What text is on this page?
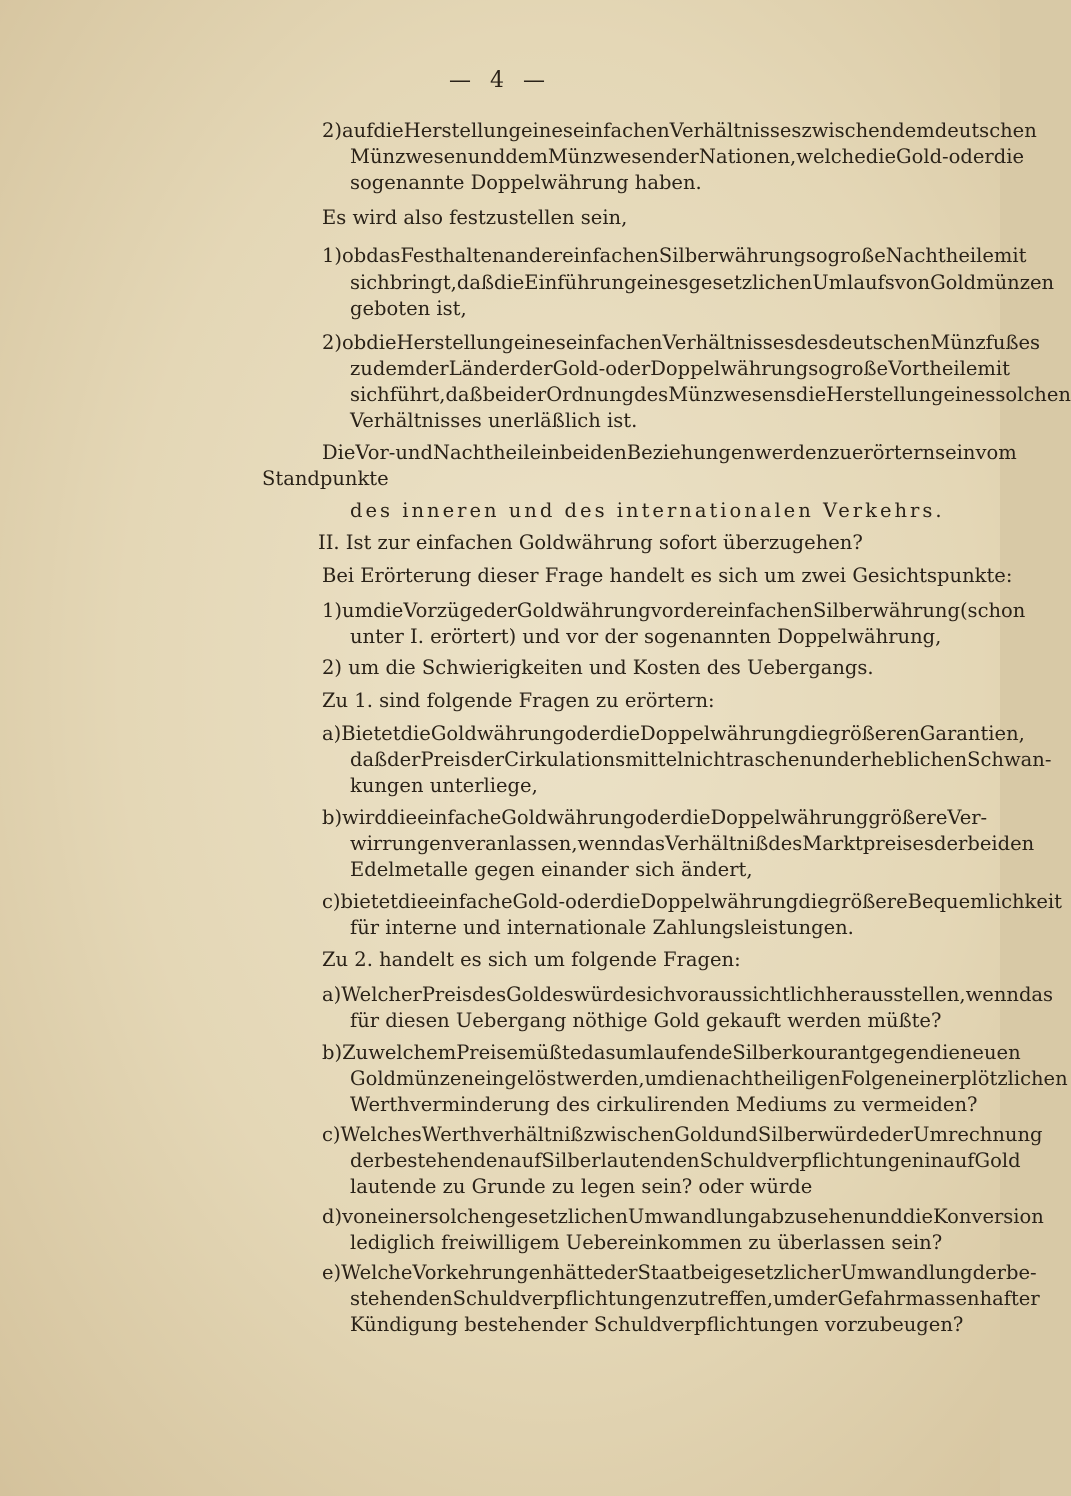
— 4 —
2) auf die Herstellung eines einfachen Verhältnisses zwischen dem deutschen
Münzwesen und dem Münzwesen der Nationen, welche die Gold- oder die
sogenannte Doppelwährung haben.
Es wird also festzustellen sein,
1) ob das Festhalten an der einfachen Silberwährung so große Nachtheile mit
sich bringt, daß die Einführung eines gesetzlichen Umlaufs von Goldmünzen
geboten ist,
2) ob die Herstellung eines einfachen Verhältnisses des deutschen Münzfußes
zu dem der Länder der Gold- oder Doppelwährung so große Vortheile mit
sich führt, daß bei der Ordnung des Münzwesens die Herstellung eines solchen
Verhältnisses unerläßlich ist.
Die Vor- und Nachtheile in beiden Beziehungen werden zu erörtern sein vom
Standpunkte
des inneren und des internationalen Verkehrs.
II. Ist zur einfachen Goldwährung sofort überzugehen?
Bei Erörterung dieser Frage handelt es sich um zwei Gesichtspunkte:
1) um die Vorzüge der Goldwährung vor der einfachen Silberwährung (schon
unter I. erörtert) und vor der sogenannten Doppelwährung,
2) um die Schwierigkeiten und Kosten des Uebergangs.
Zu 1. sind folgende Fragen zu erörtern:
a) Bietet die Goldwährung oder die Doppelwährung die größeren Garantien,
daß der Preis der Cirkulationsmittel nicht raschen und erheblichen Schwan-
kungen unterliege,
b) wird die einfache Goldwährung oder die Doppelwährung größere Ver-
wirrungen veranlassen, wenn das Verhältniß des Marktpreises der beiden
Edelmetalle gegen einander sich ändert,
c) bietet die einfache Gold- oder die Doppelwährung die größere Bequemlichkeit
für interne und internationale Zahlungsleistungen.
Zu 2. handelt es sich um folgende Fragen:
a) Welcher Preis des Goldes würde sich voraussichtlich herausstellen, wenn das
für diesen Uebergang nöthige Gold gekauft werden müßte?
b) Zu welchem Preise müßte das umlaufende Silberkourant gegen die neuen
Goldmünzen eingelöst werden, um die nachtheiligen Folgen einer plötzlichen
Werthverminderung des cirkulirenden Mediums zu vermeiden?
c) Welches Werthverhältniß zwischen Gold und Silber würde der Umrechnung
der bestehenden auf Silber lautenden Schuldverpflichtungen in auf Gold
lautende zu Grunde zu legen sein? oder würde
d) von einer solchen gesetzlichen Umwandlung abzusehen und die Konversion
lediglich freiwilligem Uebereinkommen zu überlassen sein?
e) Welche Vorkehrungen hätte der Staat bei gesetzlicher Umwandlung der be-
stehenden Schuldverpflichtungen zu treffen, um der Gefahr massenhafter
Kündigung bestehender Schuldverpflichtungen vorzubeugen?
